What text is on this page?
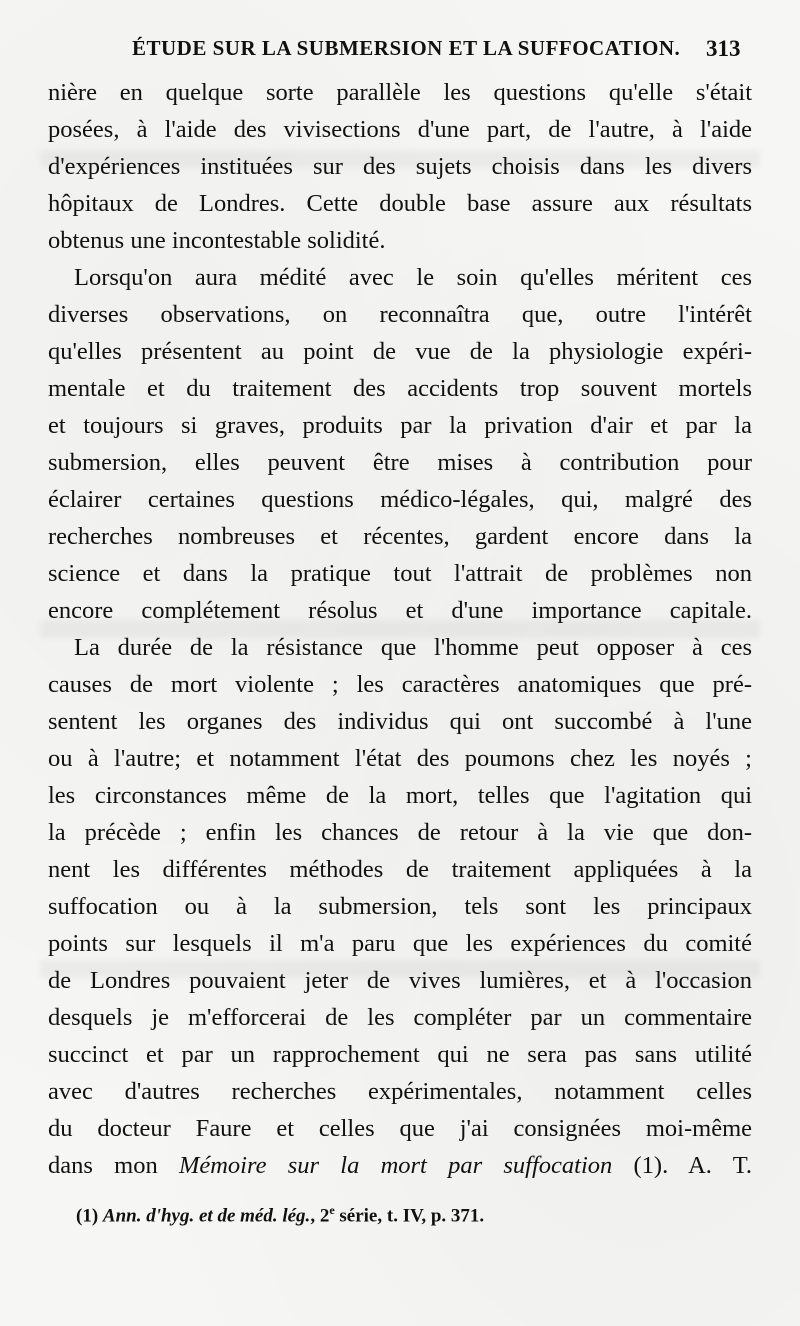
ÉTUDE SUR LA SUBMERSION ET LA SUFFOCATION. 313
nière en quelque sorte parallèle les questions qu'elle s'était
posées, à l'aide des vivisections d'une part, de l'autre, à l'aide
d'expériences instituées sur des sujets choisis dans les divers
hôpitaux de Londres. Cette double base assure aux résultats
obtenus une incontestable solidité.
Lorsqu'on aura médité avec le soin qu'elles méritent ces
diverses observations, on reconnaîtra que, outre l'intérêt
qu'elles présentent au point de vue de la physiologie expéri-
mentale et du traitement des accidents trop souvent mortels
et toujours si graves, produits par la privation d'air et par la
submersion, elles peuvent être mises à contribution pour
éclairer certaines questions médico-légales, qui, malgré des
recherches nombreuses et récentes, gardent encore dans la
science et dans la pratique tout l'attrait de problèmes non
encore complétement résolus et d'une importance capitale.
La durée de la résistance que l'homme peut opposer à ces
causes de mort violente ; les caractères anatomiques que pré-
sentent les organes des individus qui ont succombé à l'une
ou à l'autre; et notamment l'état des poumons chez les noyés ;
les circonstances même de la mort, telles que l'agitation qui
la précède ; enfin les chances de retour à la vie que don-
nent les différentes méthodes de traitement appliquées à la
suffocation ou à la submersion, tels sont les principaux
points sur lesquels il m'a paru que les expériences du comité
de Londres pouvaient jeter de vives lumières, et à l'occasion
desquels je m'efforcerai de les compléter par un commentaire
succinct et par un rapprochement qui ne sera pas sans utilité
avec d'autres recherches expérimentales, notamment celles
du docteur Faure et celles que j'ai consignées moi-même
dans mon Mémoire sur la mort par suffocation (1). A. T.
(1) Ann. d'hyg. et de méd. lég., 2e série, t. IV, p. 371.
